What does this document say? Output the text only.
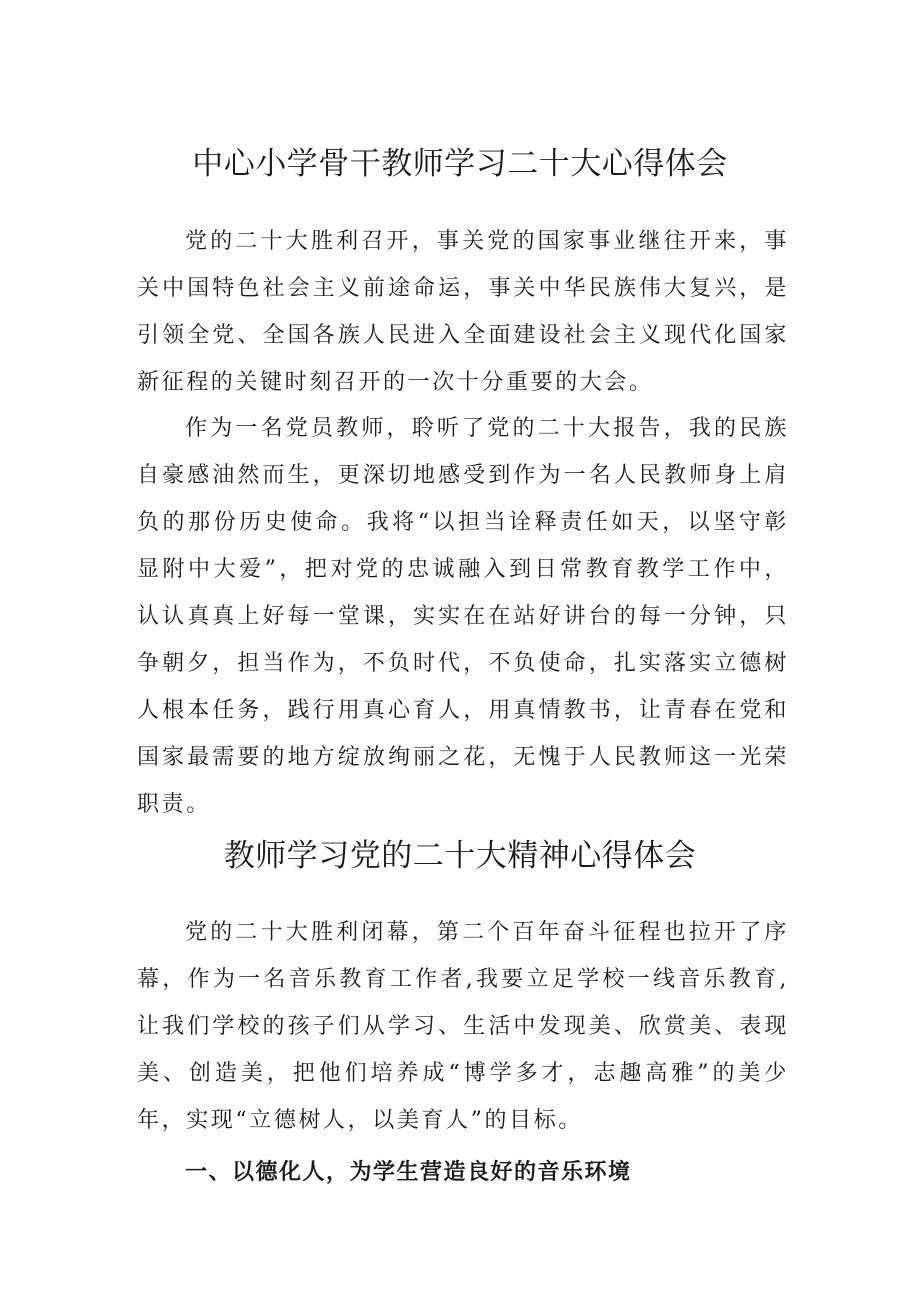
中心小学骨干教师学习二十大心得体会

党的二十大胜利召开，事关党的国家事业继往开来，事关中国特色社会主义前途命运，事关中华民族伟大复兴，是引领全党、全国各族人民进入全面建设社会主义现代化国家新征程的关键时刻召开的一次十分重要的大会。

作为一名党员教师，聆听了党的二十大报告，我的民族自豪感油然而生，更深切地感受到作为一名人民教师身上肩负的那份历史使命。我将“以担当诠释责任如天，以坚守彰显附中大爱”，把对党的忠诚融入到日常教育教学工作中，认认真真上好每一堂课，实实在在站好讲台的每一分钟，只争朝夕，担当作为，不负时代，不负使命，扎实落实立德树人根本任务，践行用真心育人，用真情教书，让青春在党和国家最需要的地方绽放绚丽之花，无愧于人民教师这一光荣职责。

教师学习党的二十大精神心得体会

党的二十大胜利闭幕，第二个百年奋斗征程也拉开了序幕，作为一名音乐教育工作者,我要立足学校一线音乐教育,让我们学校的孩子们从学习、生活中发现美、欣赏美、表现美、创造美，把他们培养成“博学多才，志趣高雅”的美少年，实现“立德树人，以美育人”的目标。

一、以德化人，为学生营造良好的音乐环境
